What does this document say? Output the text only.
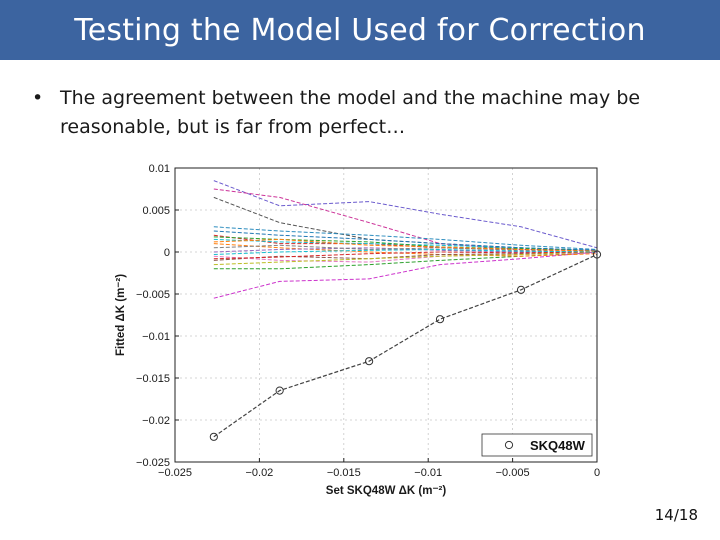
Testing the Model Used for Correction
• The agreement between the model and the machine may be reasonable, but is far from perfect…
−0.025	−0.02	−0.015	−0.01	−0.005	0
0.01
0.005
0
−0.005
−0.01
−0.015
−0.02
−0.025
Set SKQ48W ΔK (m⁻²)
Fitted ΔK (m⁻²)
SKQ48W
14/18
